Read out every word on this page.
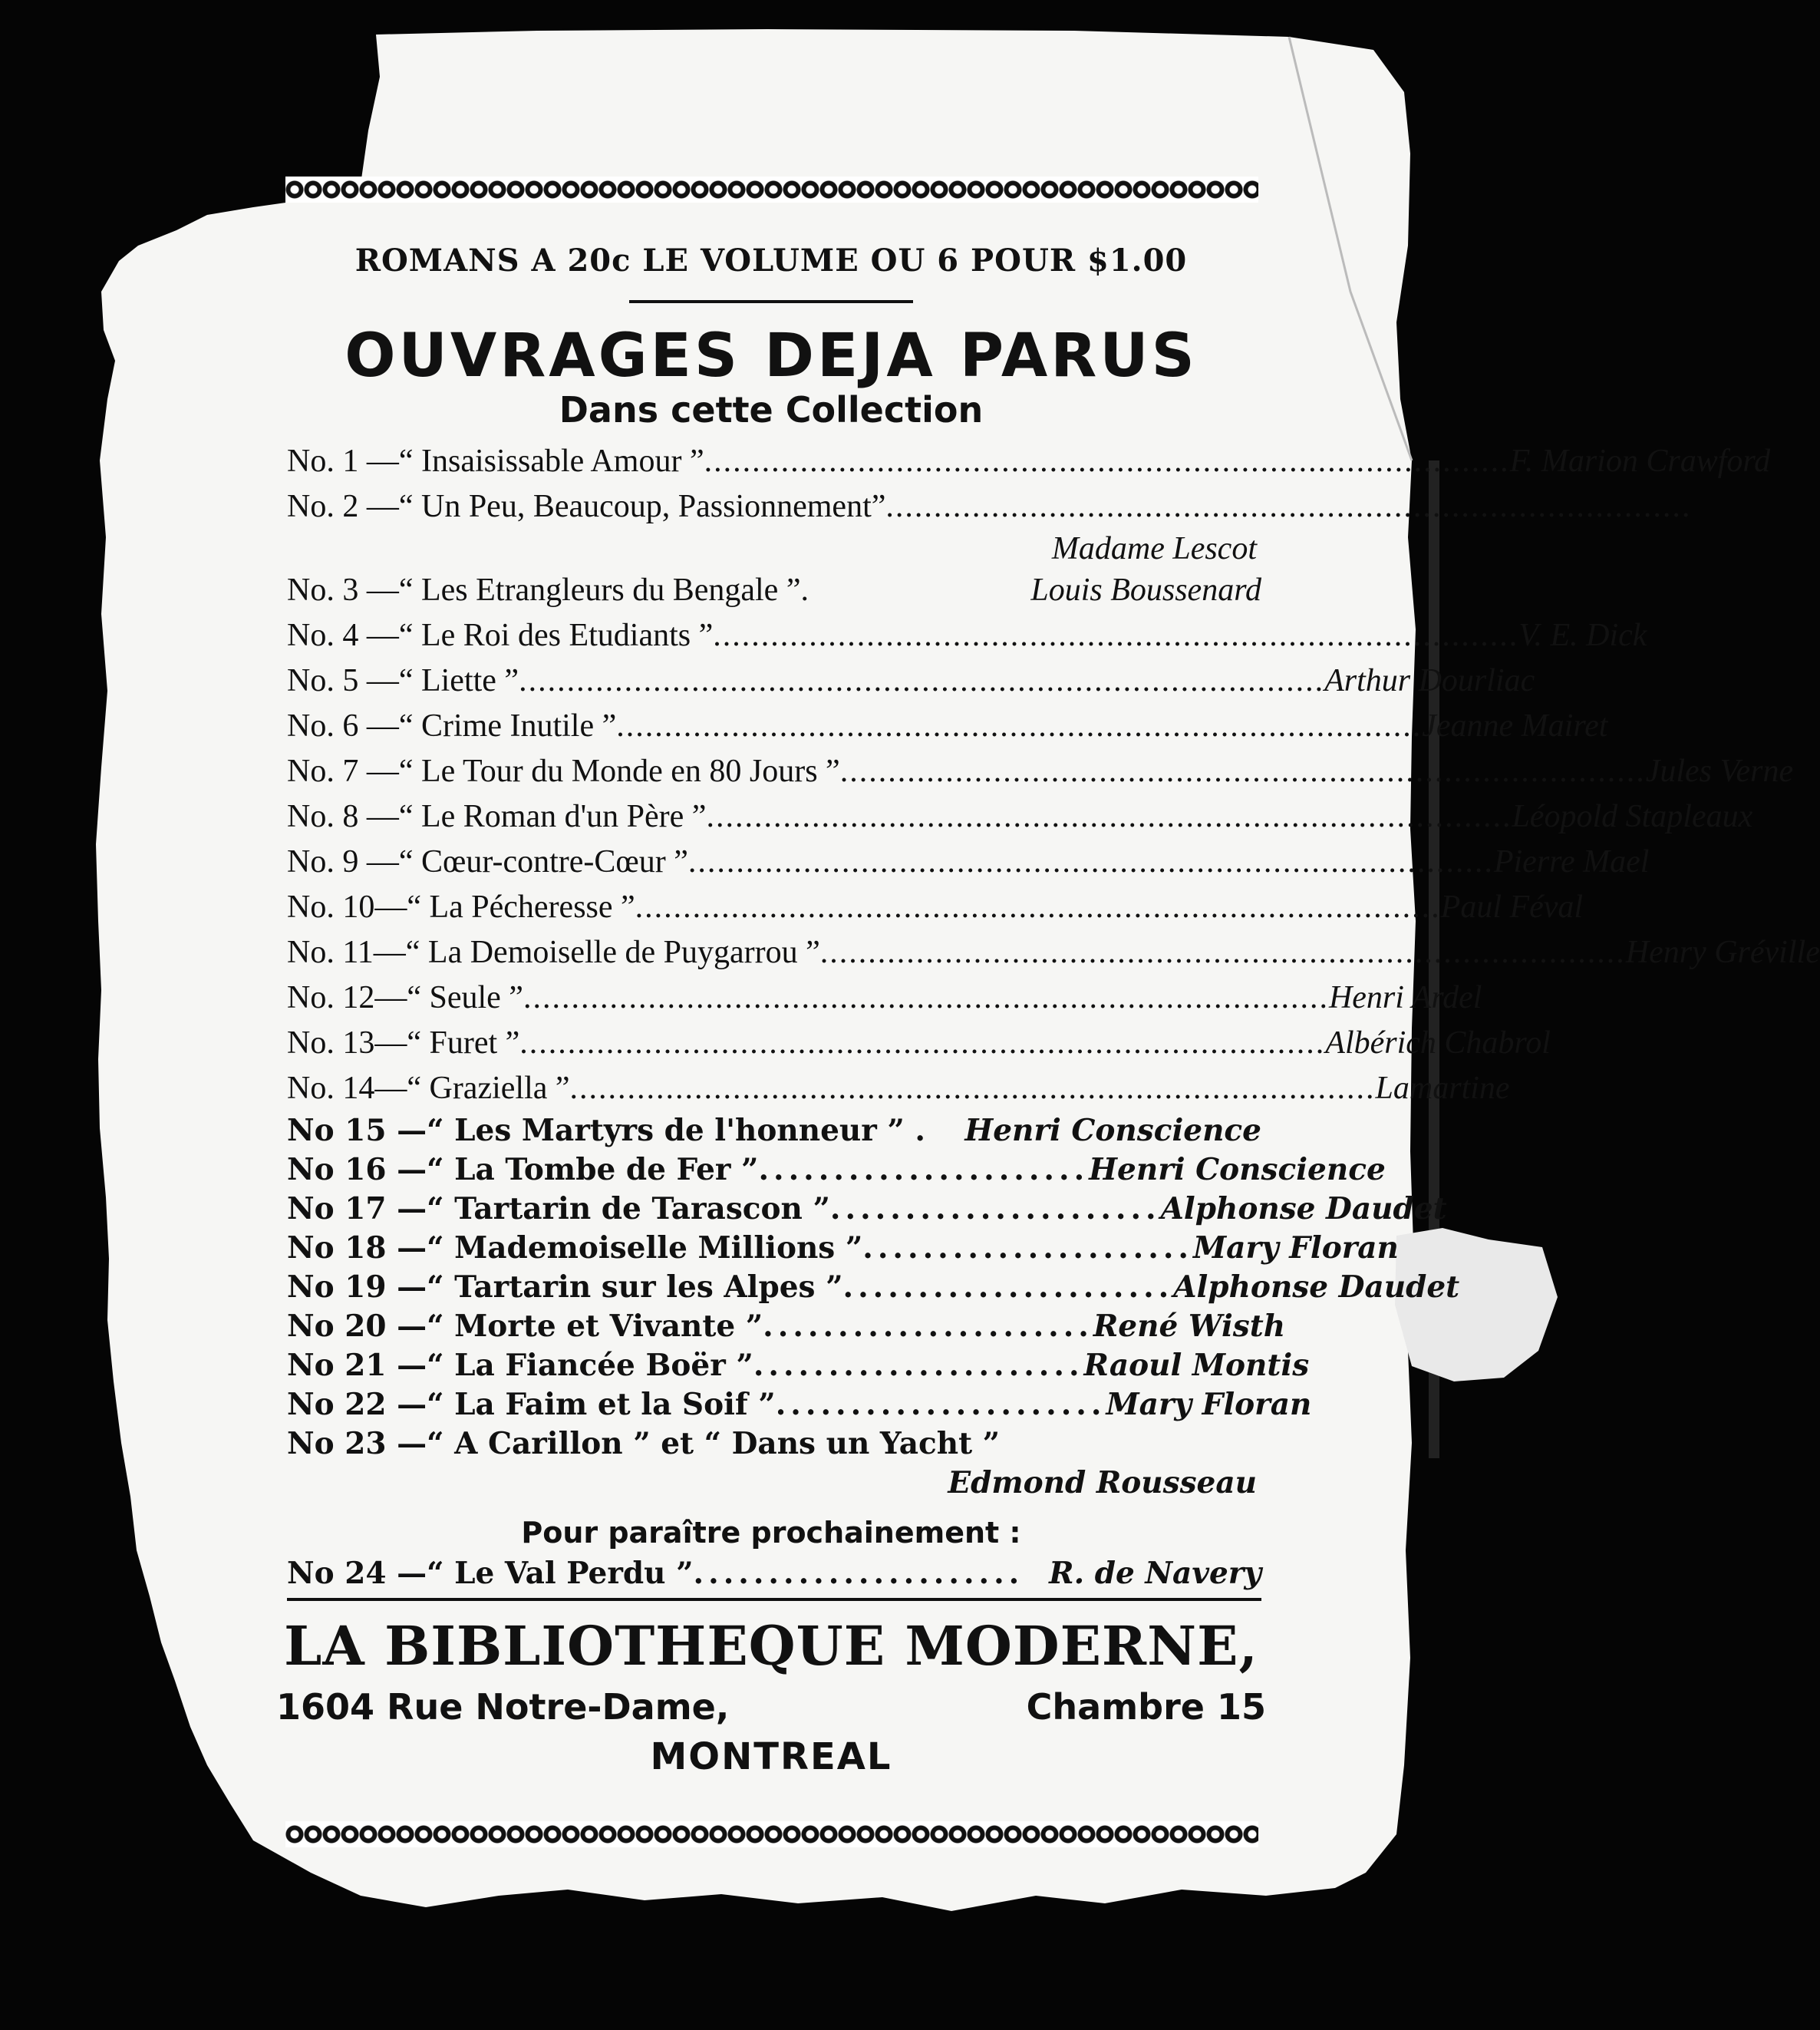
ROMANS A 20c LE VOLUME OU 6 POUR $1.00
OUVRAGES DEJA PARUS
Dans cette Collection
No. 1 — “ Insaisissable Amour ” .................................................................................... F. Marion Crawford
No. 2 — “ Un Peu, Beaucoup, Passionnement” ....................................................................................
Madame Lescot
No. 3 — “ Les Etrangleurs du Bengale ”.	Louis Boussenard
No. 4 — “ Le Roi des Etudiants ” .................................................................................... V. E. Dick
No. 5 — “ Liette ” .................................................................................... Arthur Dourliac
No. 6 — “ Crime Inutile ” .................................................................................... Jeanne Mairet
No. 7 — “ Le Tour du Monde en 80 Jours ” .................................................................................... Jules Verne
No. 8 — “ Le Roman d'un Père ” .................................................................................... Léopold Stapleaux
No. 9 — “ Cœur-contre-Cœur ” .................................................................................... Pierre Mael
No. 10— “ La Pécheresse ” .................................................................................... Paul Féval
No. 11— “ La Demoiselle de Puygarrou ” .................................................................................... Henry Gréville
No. 12— “ Seule ” .................................................................................... Henri Ardel
No. 13— “ Furet ” .................................................................................... Albérich Chabrol
No. 14— “ Graziella ” .................................................................................... Lamartine
No 15 — “ Les Martyrs de l'honneur ” . Henri Conscience
No 16 — “ La Tombe de Fer ” ...................... Henri Conscience
No 17 — “ Tartarin de Tarascon ” ...................... Alphonse Daudet
No 18 — “ Mademoiselle Millions ” ...................... Mary Floran
No 19 — “ Tartarin sur les Alpes ” ...................... Alphonse Daudet
No 20 — “ Morte et Vivante ” ...................... René Wisth
No 21 — “ La Fiancée Boër ” ...................... Raoul Montis
No 22 — “ La Faim et la Soif ” ...................... Mary Floran
No 23 — “ A Carillon ” et “ Dans un Yacht ”
Edmond Rousseau
Pour paraître prochainement :
No 24 — “ Le Val Perdu ” ...................... R. de Navery
LA BIBLIOTHEQUE MODERNE,
1604 Rue Notre-Dame,	Chambre 15
MONTREAL
